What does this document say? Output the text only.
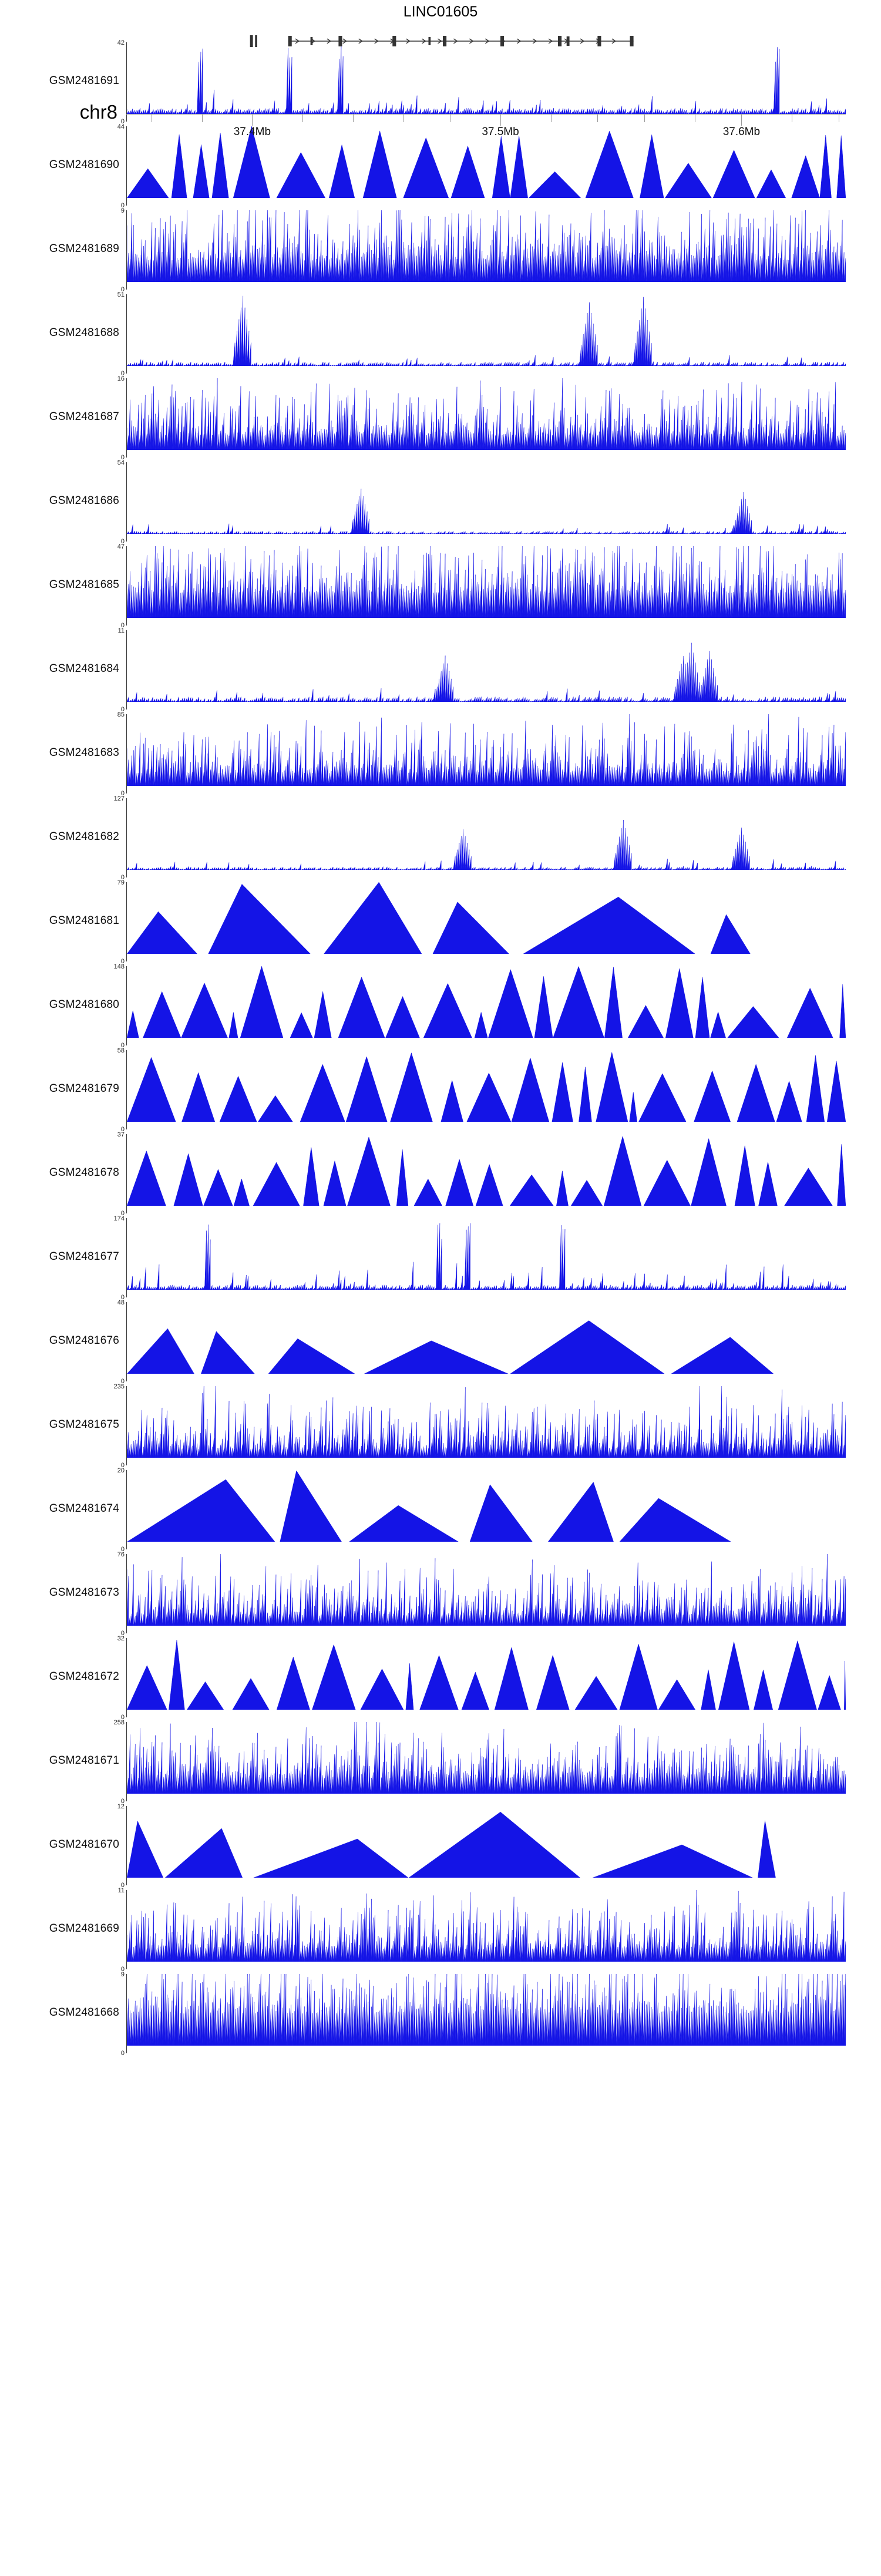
GSM2481691
42
0
GSM2481690
44
0
GSM2481689
9
0
GSM2481688
51
0
GSM2481687
16
0
GSM2481686
54
0
GSM2481685
47
0
GSM2481684
11
0
GSM2481683
85
0
GSM2481682
127
0
GSM2481681
79
0
GSM2481680
148
0
GSM2481679
58
0
GSM2481678
37
0
GSM2481677
174
0
GSM2481676
48
0
GSM2481675
235
0
GSM2481674
20
0
GSM2481673
76
0
GSM2481672
32
0
GSM2481671
258
0
GSM2481670
12
0
GSM2481669
11
0
GSM2481668
9
0
LINC01605
chr8
37.4Mb	37.5Mb	37.6Mb
